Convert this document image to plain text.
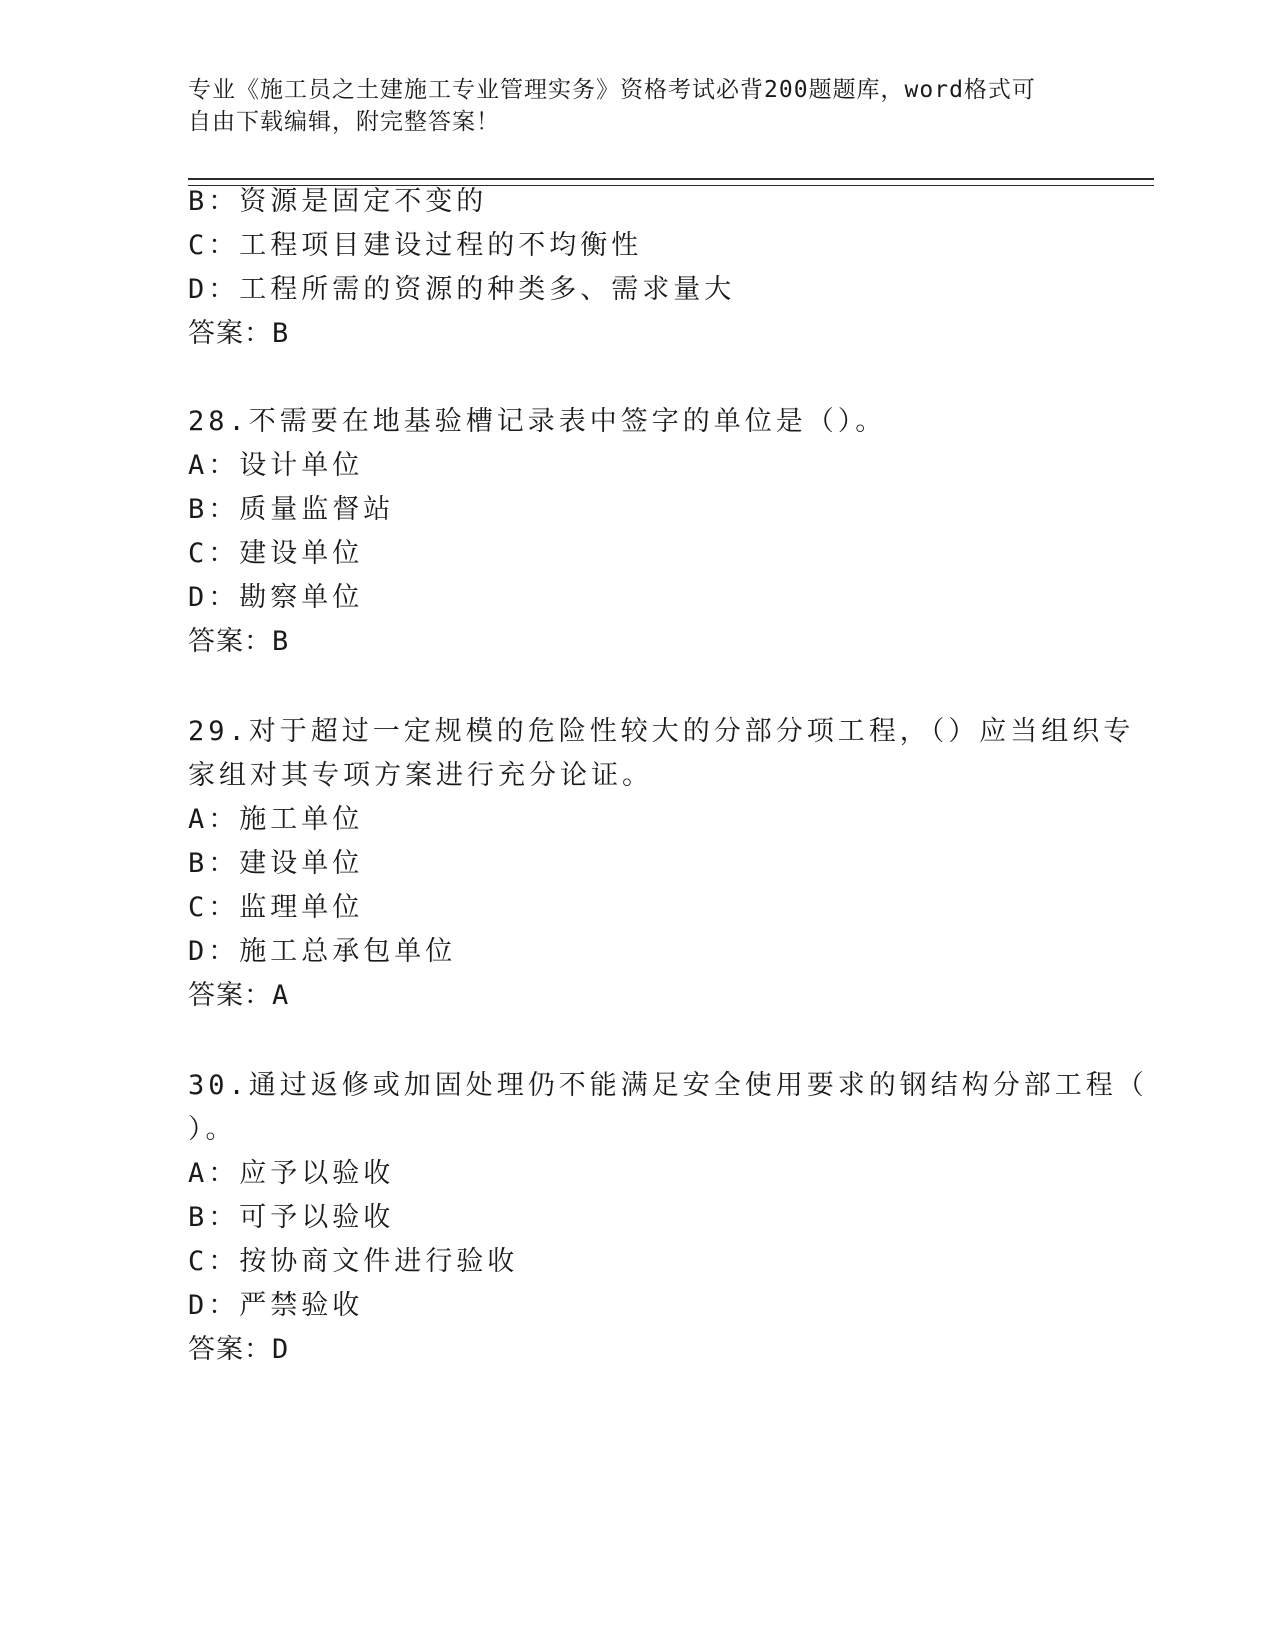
专业《施工员之土建施工专业管理实务》资格考试必背200题题库，word格式可
自由下载编辑，附完整答案！
B：资源是固定不变的
C：工程项目建设过程的不均衡性
D：工程所需的资源的种类多、需求量大
答案：B
28.不需要在地基验槽记录表中签字的单位是（）。
A：设计单位
B：质量监督站
C：建设单位
D：勘察单位
答案：B
29.对于超过一定规模的危险性较大的分部分项工程，（）应当组织专
家组对其专项方案进行充分论证。
A：施工单位
B：建设单位
C：监理单位
D：施工总承包单位
答案：A
30.通过返修或加固处理仍不能满足安全使用要求的钢结构分部工程（
）。
A：应予以验收
B：可予以验收
C：按协商文件进行验收
D：严禁验收
答案：D
